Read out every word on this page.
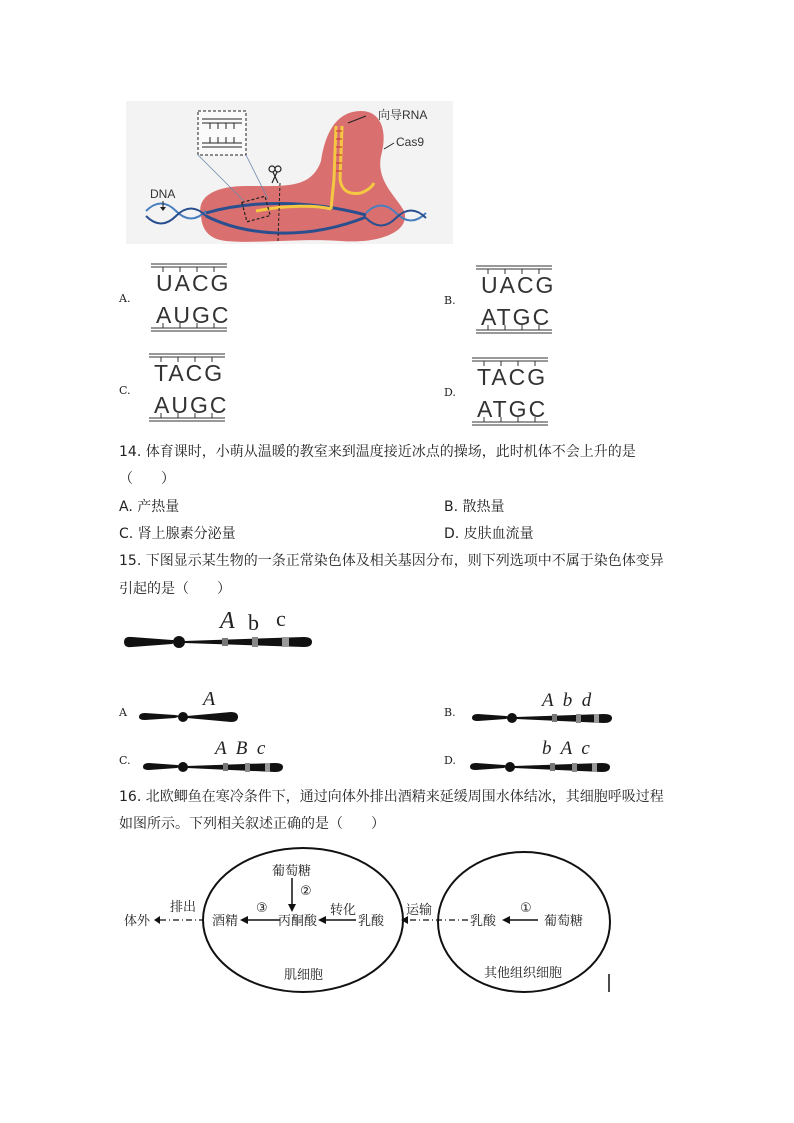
向导RNA
Cas9
DNA
A.
UACG
AUGC
B.
UACG
ATGC
C.
TACG
AUGC	D.
TACG
ATGC
14. 体育课时，小萌从温暖的教室来到温度接近冰点的操场，此时机体不会上升的是
（　　）
A. 产热量	B. 散热量
C. 肾上腺素分泌量	D. 皮肤血流量
15. 下图显示某生物的一条正常染色体及相关基因分布，则下列选项中不属于染色体变异
引起的是（　　）
A b c
A
A
B.
A  b  d
C.
A  B  c
D.
b  A  c
16. 北欧鲫鱼在寒冷条件下，通过向体外排出酒精来延缓周围水体结冰，其细胞呼吸过程
如图所示。下列相关叙述正确的是（　　）
体外
排出
酒精
③
丙酮酸
转化
乳酸
运输
乳酸
①
葡萄糖
葡萄糖
②
肌细胞	其他组织细胞
